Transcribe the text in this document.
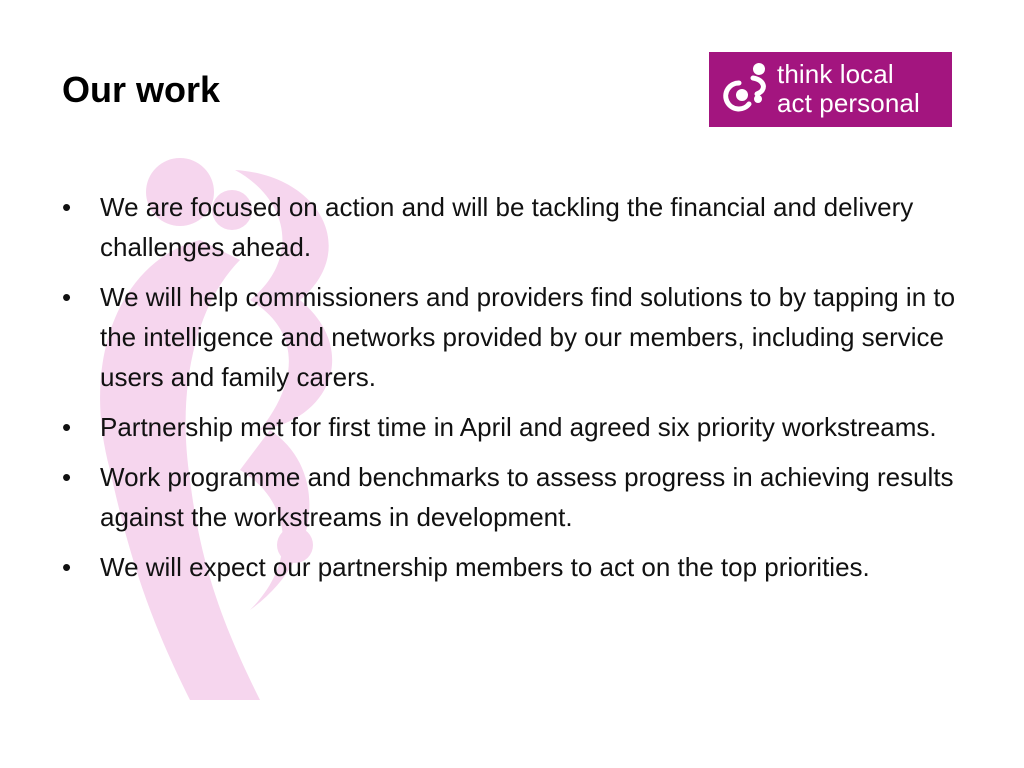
Our work	think local
act personal
• We are focused on action and will be tackling the financial and delivery challenges ahead.
• We will help commissioners and providers find solutions to by tapping in to the intelligence and networks provided by our members, including service users and family carers.
• Partnership met for first time in April and agreed six priority workstreams.
• Work programme and benchmarks to assess progress in achieving results against the workstreams in development.
• We will expect our partnership members to act on the top priorities.
